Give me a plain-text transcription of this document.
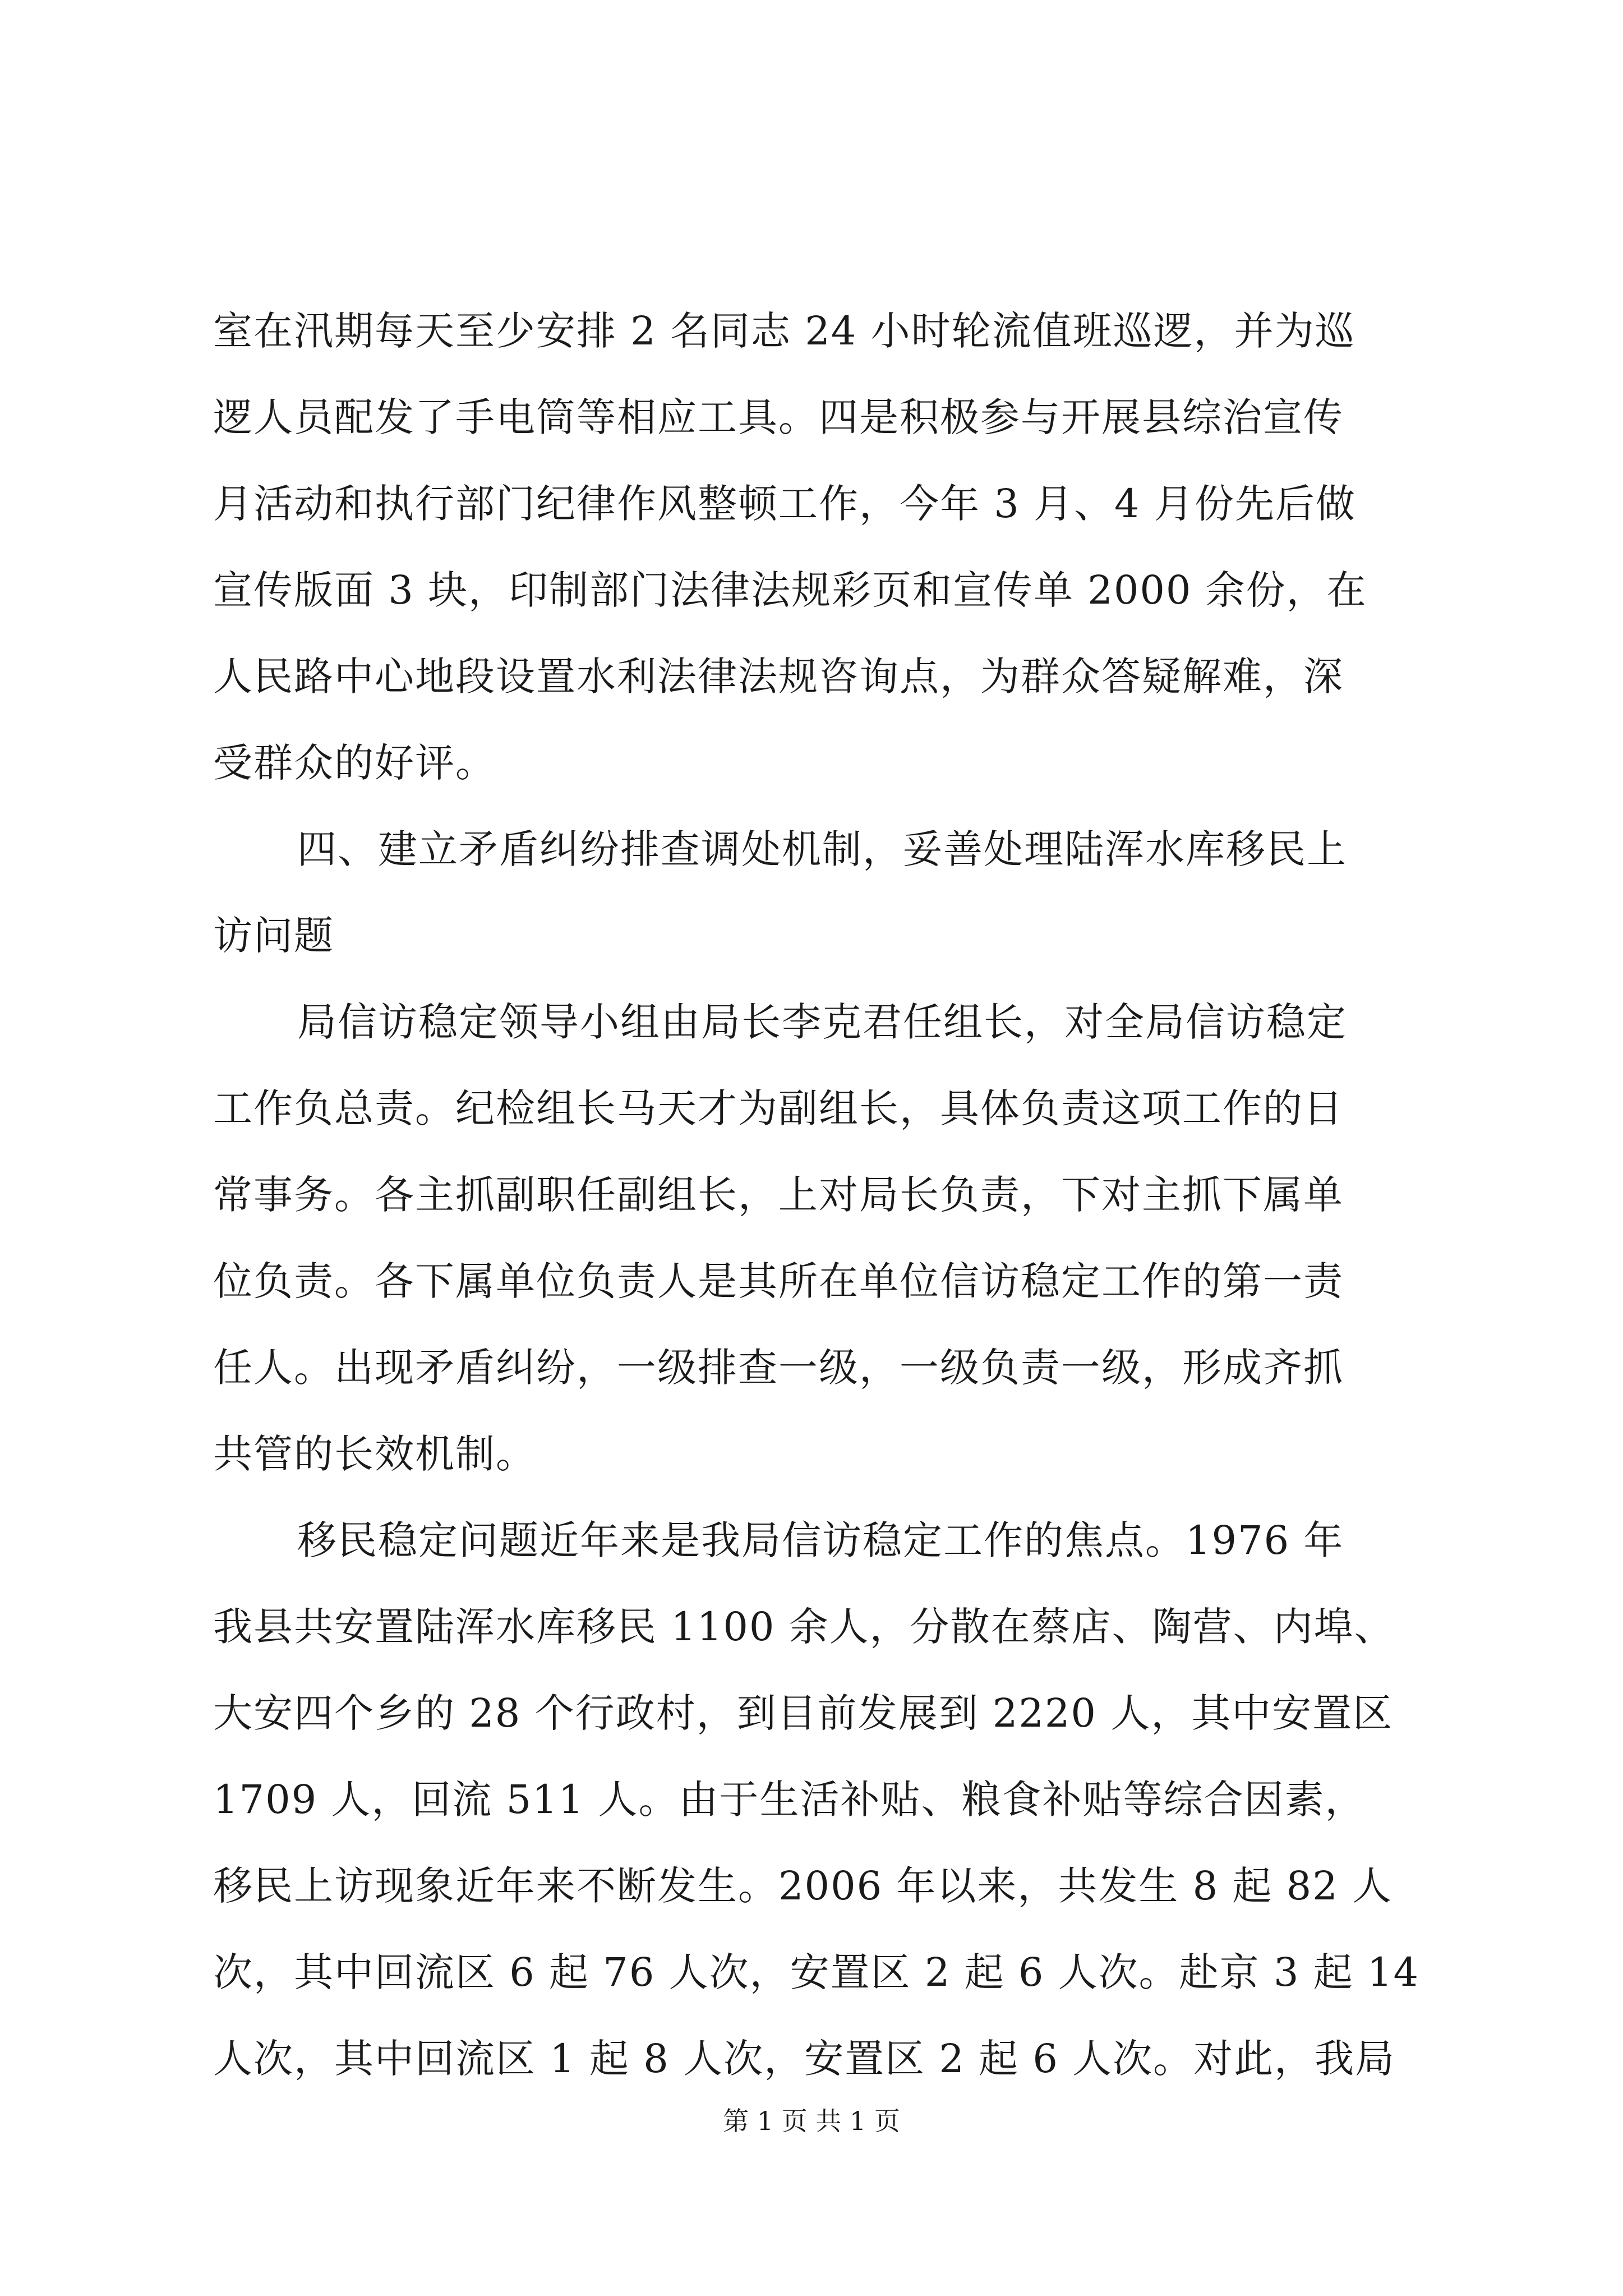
室在汛期每天至少安排 2 名同志 24 小时轮流值班巡逻，并为巡
逻人员配发了手电筒等相应工具。四是积极参与开展县综治宣传
月活动和执行部门纪律作风整顿工作，今年 3 月、4 月份先后做
宣传版面 3 块，印制部门法律法规彩页和宣传单 2000 余份，在
人民路中心地段设置水利法律法规咨询点，为群众答疑解难，深
受群众的好评。
四、建立矛盾纠纷排查调处机制，妥善处理陆浑水库移民上
访问题
局信访稳定领导小组由局长李克君任组长，对全局信访稳定
工作负总责。纪检组长马天才为副组长，具体负责这项工作的日
常事务。各主抓副职任副组长，上对局长负责，下对主抓下属单
位负责。各下属单位负责人是其所在单位信访稳定工作的第一责
任人。出现矛盾纠纷，一级排查一级，一级负责一级，形成齐抓
共管的长效机制。
移民稳定问题近年来是我局信访稳定工作的焦点。1976 年
我县共安置陆浑水库移民 1100 余人，分散在蔡店、陶营、内埠、
大安四个乡的 28 个行政村，到目前发展到 2220 人，其中安置区
1709 人，回流 511 人。由于生活补贴、粮食补贴等综合因素，
移民上访现象近年来不断发生。2006 年以来，共发生 8 起 82 人
次，其中回流区 6 起 76 人次，安置区 2 起 6 人次。赴京 3 起 14
人次，其中回流区 1 起 8 人次，安置区 2 起 6 人次。对此，我局
第 1 页 共 1 页
